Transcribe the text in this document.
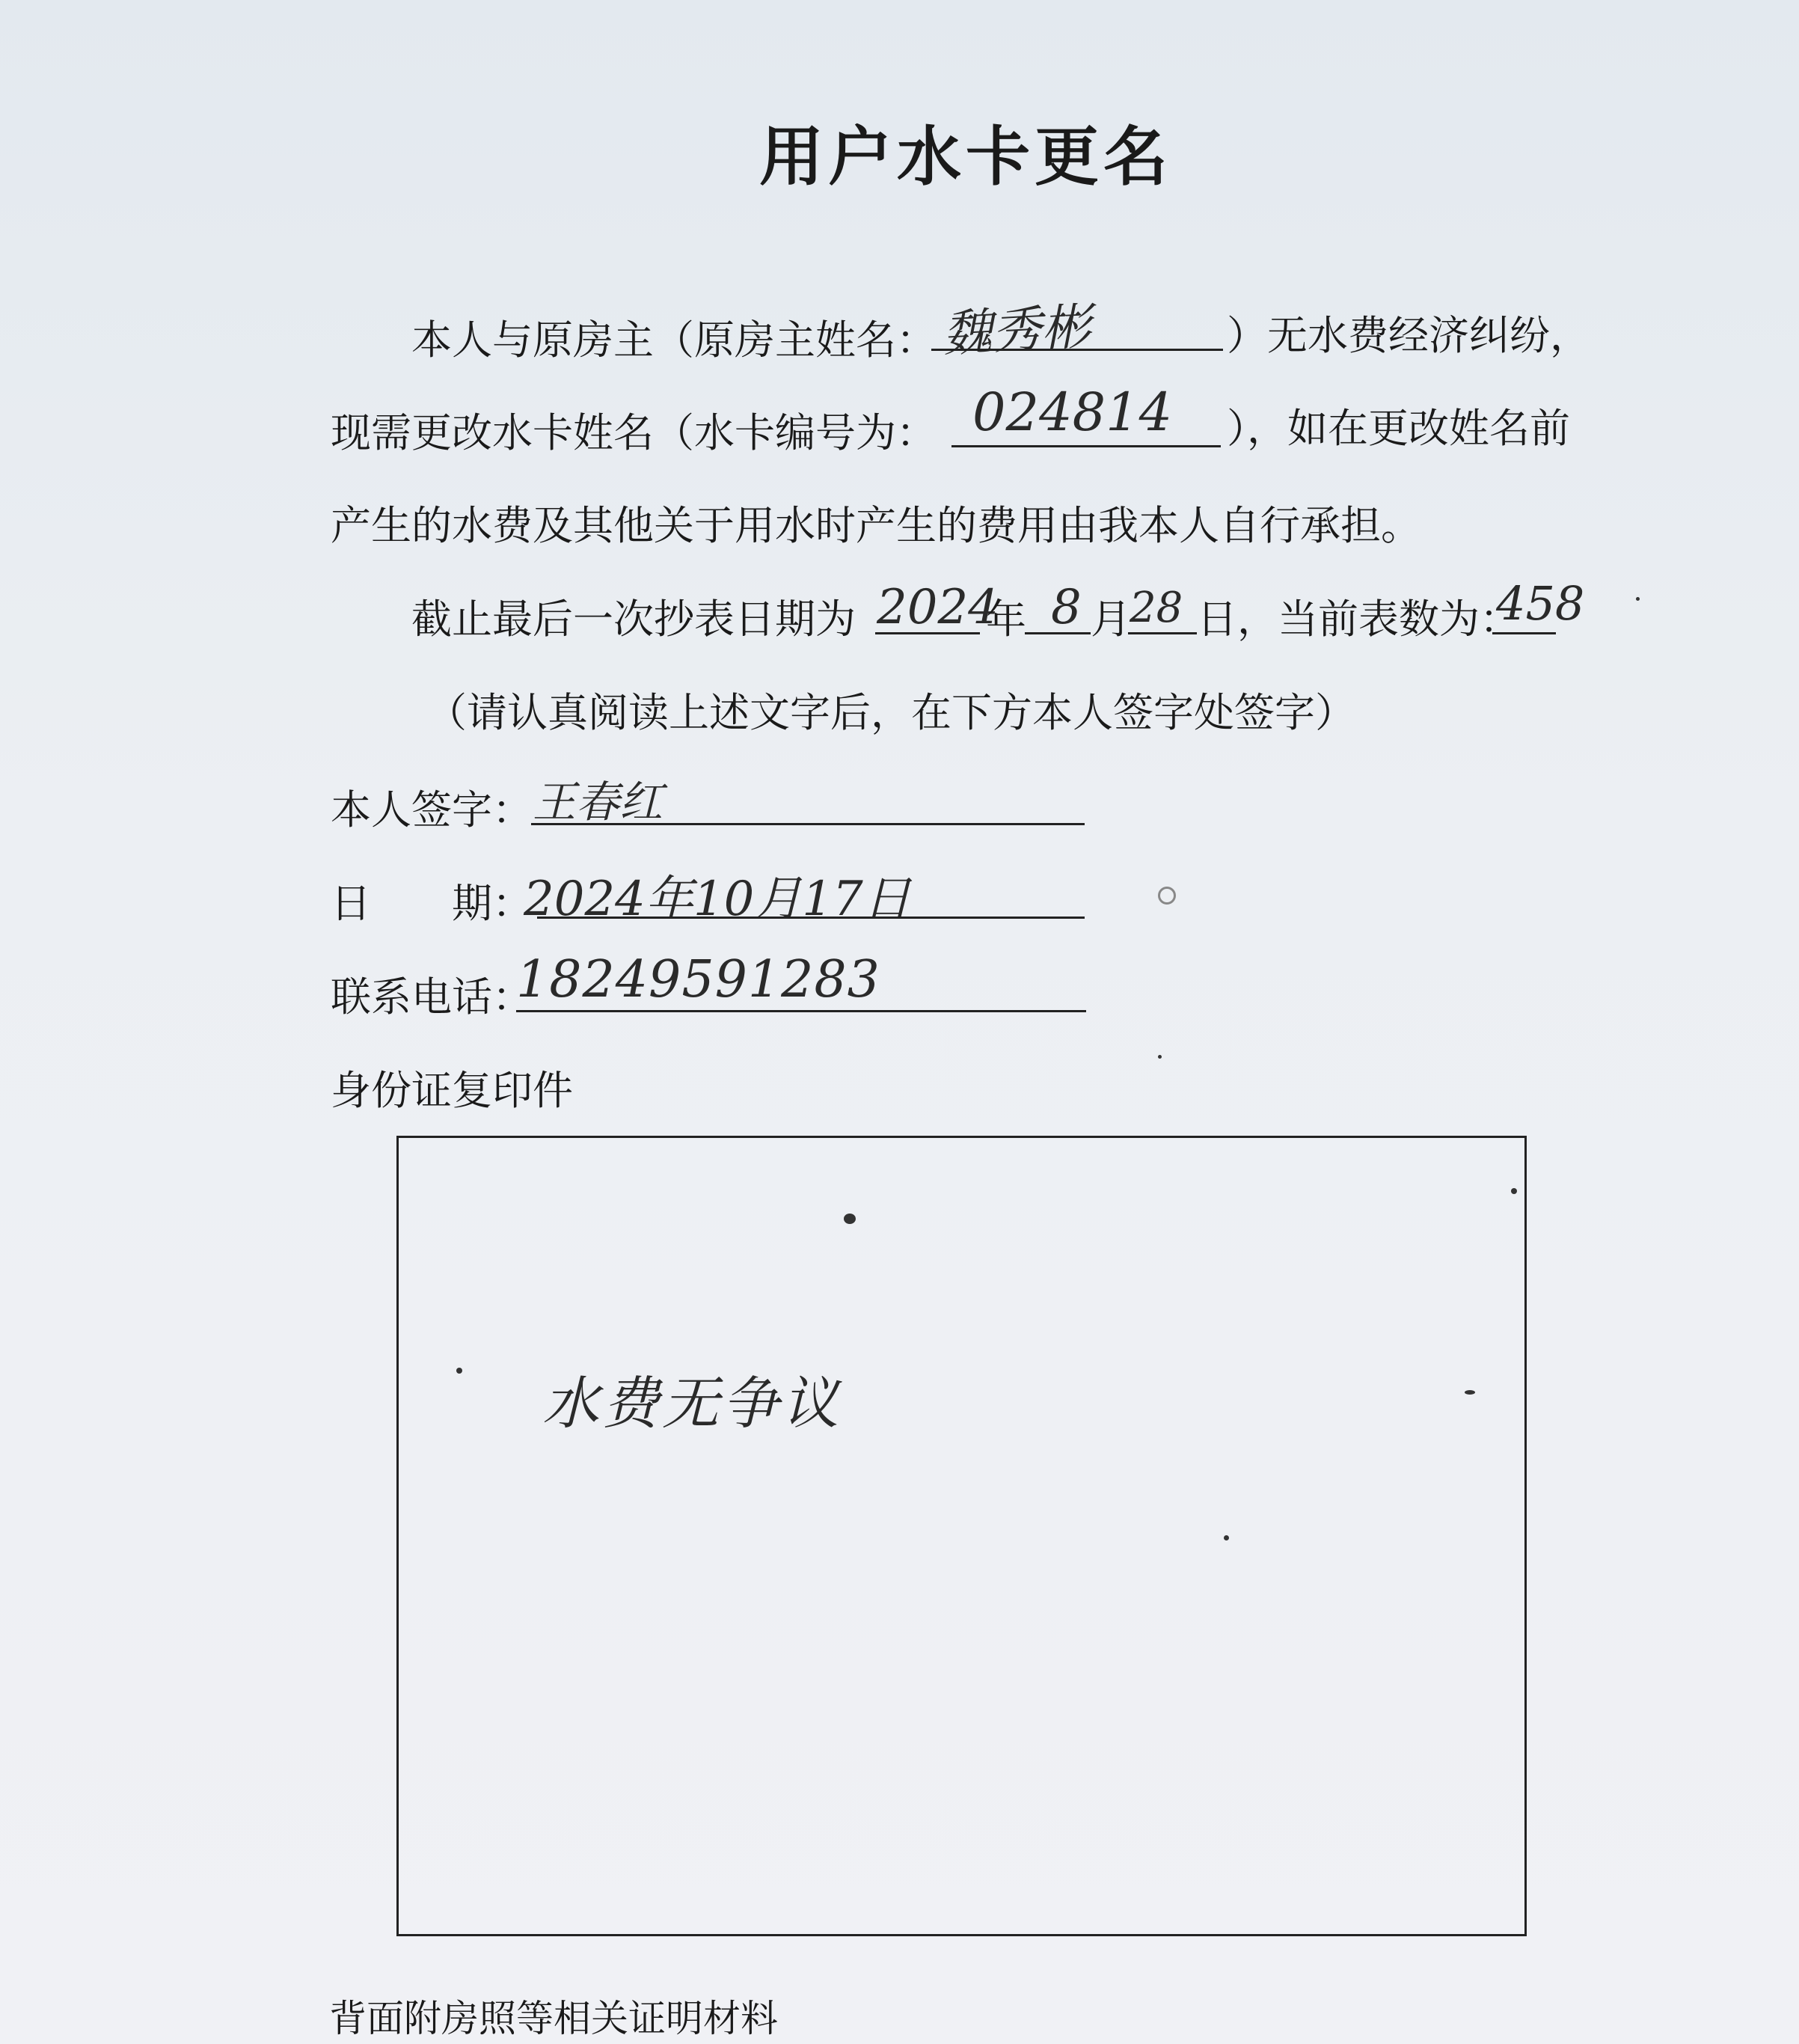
用户水卡更名
本人与原房主（原房主姓名： 魏秀彬	）无水费经济纠纷，
现需更改水卡姓名（水卡编号为： 024814 ），如在更改姓名前
产生的水费及其他关于用水时产生的费用由我本人自行承担。
截止最后一次抄表日期为 2024
年 8 月
28 日，当前表数为：
458
（请认真阅读上述文字后，在下方本人签字处签字）
本人签字： 王春红
日　　期：
2024年10月17日
联系电话：
18249591283
身份证复印件
水费无争议
背面附房照等相关证明材料
